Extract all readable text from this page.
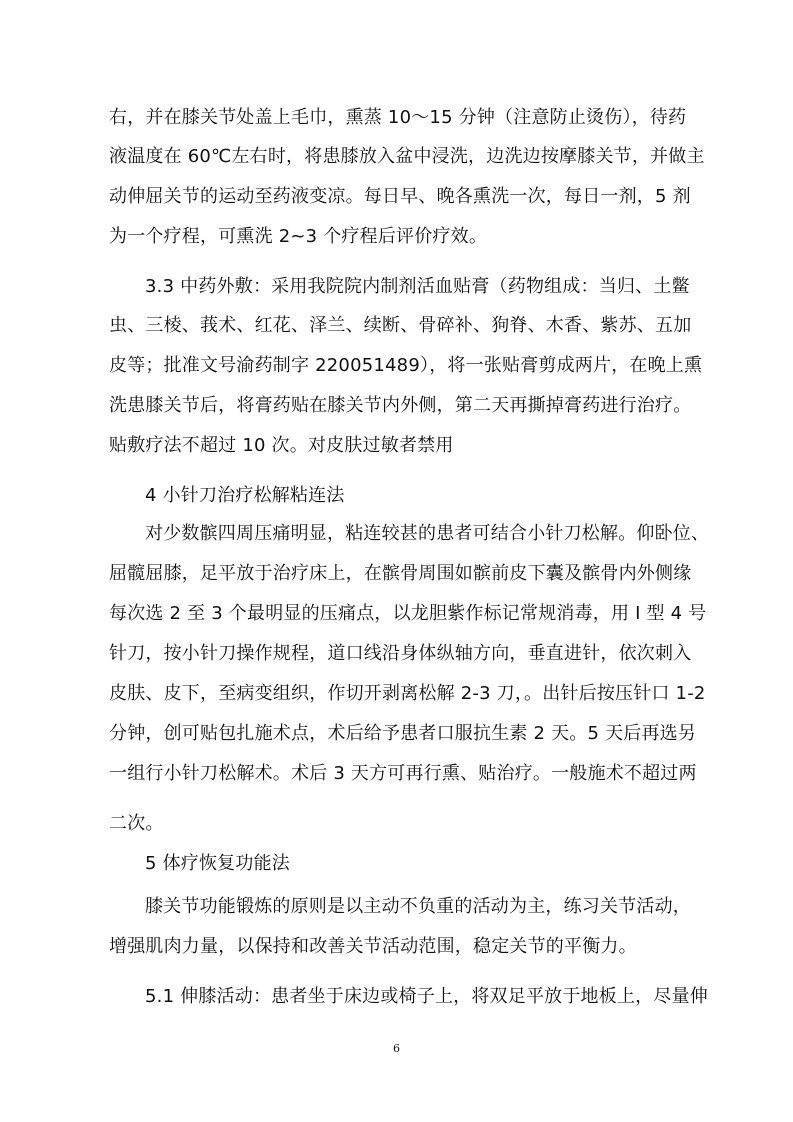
右，并在膝关节处盖上毛巾，熏蒸 10～15 分钟（注意防止烫伤），待药
液温度在 60℃左右时，将患膝放入盆中浸洗，边洗边按摩膝关节，并做主
动伸屈关节的运动至药液变凉。每日早、晚各熏洗一次，每日一剂，5 剂
为一个疗程，可熏洗 2~3 个疗程后评价疗效。
3.3 中药外敷：采用我院院内制剂活血贴膏（药物组成：当归、土鳖
虫、三棱、莪术、红花、泽兰、续断、骨碎补、狗脊、木香、紫苏、五加
皮等；批准文号渝药制字 220051489），将一张贴膏剪成两片，在晚上熏
洗患膝关节后，将膏药贴在膝关节内外侧，第二天再撕掉膏药进行治疗。
贴敷疗法不超过 10 次。对皮肤过敏者禁用
4 小针刀治疗松解粘连法
对少数髌四周压痛明显，粘连较甚的患者可结合小针刀松解。仰卧位、
屈髋屈膝，足平放于治疗床上，在髌骨周围如髌前皮下囊及髌骨内外侧缘
每次选 2 至 3 个最明显的压痛点，以龙胆紫作标记常规消毒，用 I 型 4 号
针刀，按小针刀操作规程，道口线沿身体纵轴方向，垂直进针，依次刺入
皮肤、皮下，至病变组织，作切开剥离松解 2-3 刀，。出针后按压针口 1-2
分钟，创可贴包扎施术点，术后给予患者口服抗生素 2 天。5 天后再选另
一组行小针刀松解术。术后 3 天方可再行熏、贴治疗。一般施术不超过两
二次。
5 体疗恢复功能法
膝关节功能锻炼的原则是以主动不负重的活动为主，练习关节活动，
增强肌肉力量，以保持和改善关节活动范围，稳定关节的平衡力。
5.1 伸膝活动：患者坐于床边或椅子上，将双足平放于地板上，尽量伸
6
